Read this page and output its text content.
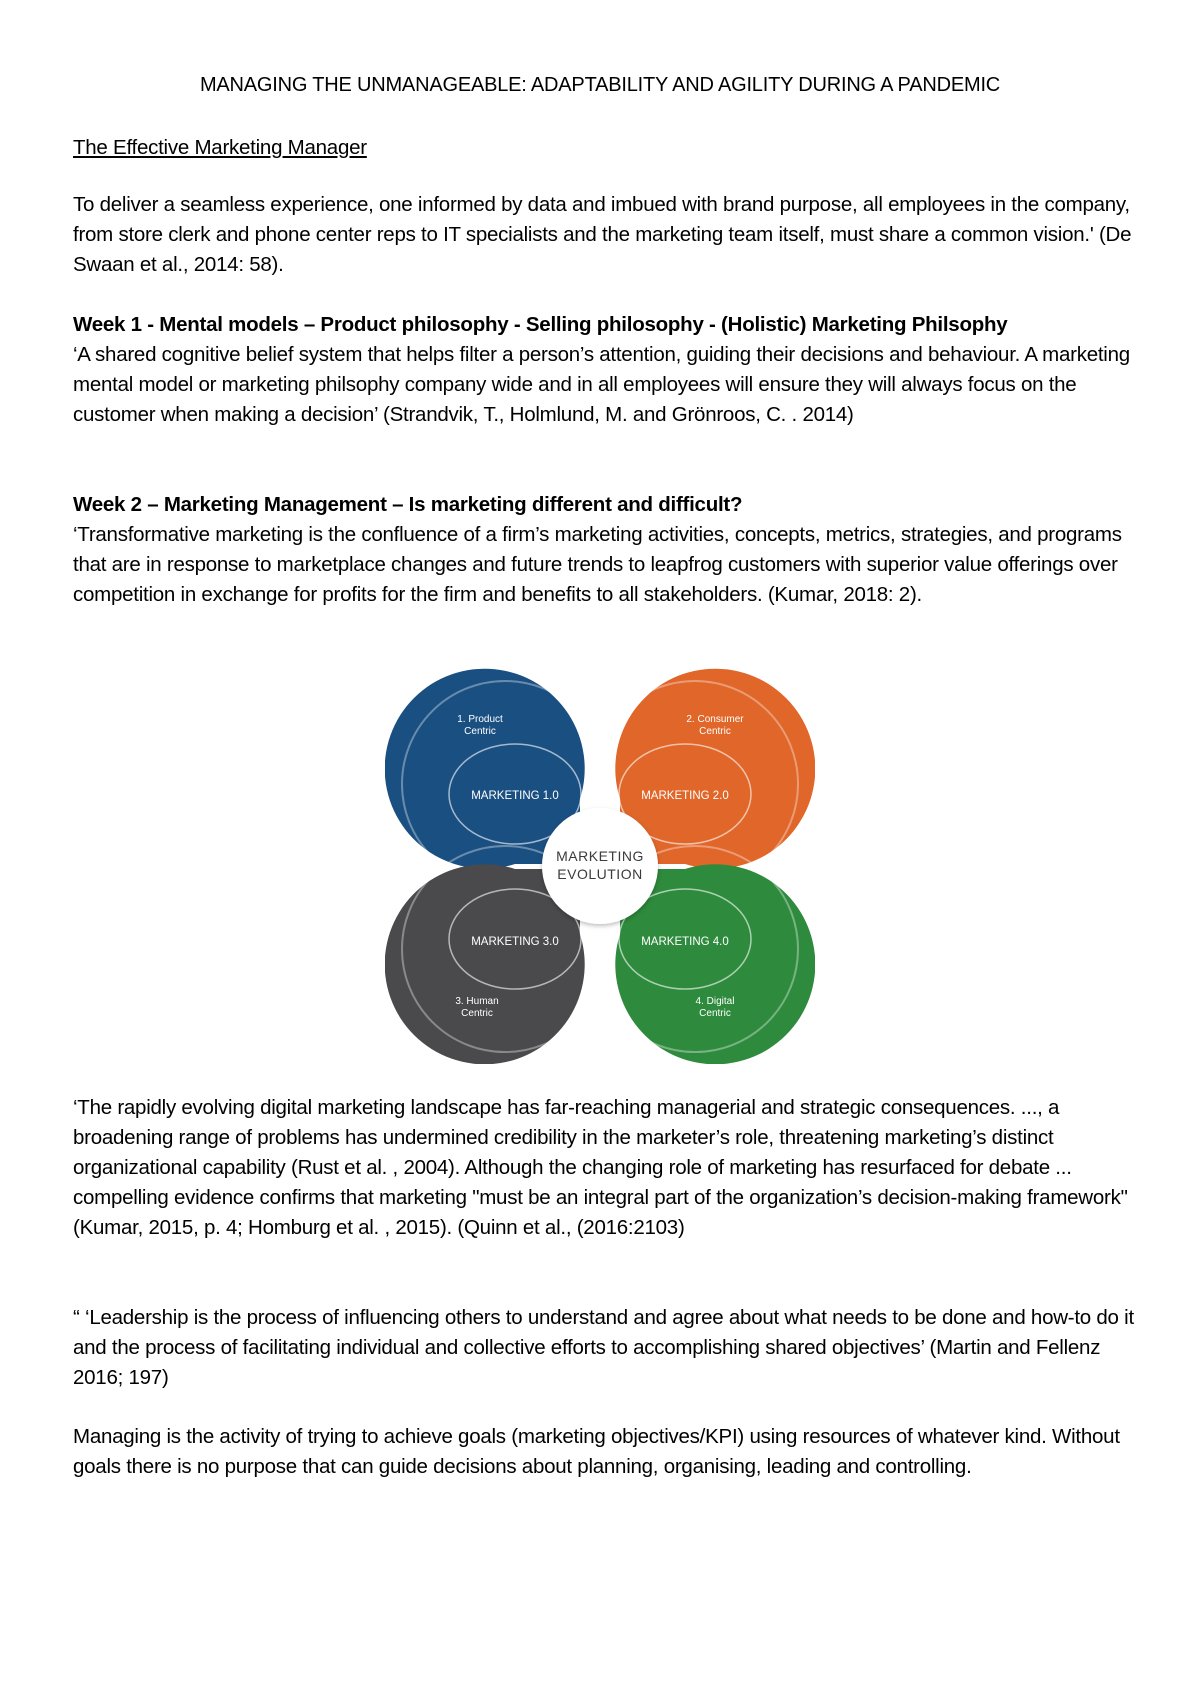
MANAGING THE UNMANAGEABLE: ADAPTABILITY AND AGILITY DURING A PANDEMIC
The Effective Marketing Manager

To deliver a seamless experience, one informed by data and imbued with brand purpose, all employees in the company, from store clerk and phone center reps to IT specialists and the marketing team itself, must share a common vision.' (De Swaan et al., 2014: 58).

Week 1 - Mental models – Product philosophy - Selling philosophy - (Holistic) Marketing Philsophy

‘A shared cognitive belief system that helps filter a person’s attention, guiding their decisions and behaviour. A marketing mental model or marketing philsophy company wide and in all employees will ensure they will always focus on the customer when making a decision’ (Strandvik, T., Holmlund, M. and Grönroos, C. . 2014)

Week 2 – Marketing Management – Is marketing different and difficult?

‘Transformative marketing is the confluence of a firm’s marketing activities, concepts, metrics, strategies, and programs that are in response to marketplace changes and future trends to leapfrog customers with superior value offerings over competition in exchange for profits for the firm and benefits to all stakeholders. (Kumar, 2018: 2).

MARKETING 1.0
1. Product
Centric
MARKETING 2.0
2. Consumer
Centric
MARKETING 3.0
3. Human
Centric
MARKETING 4.0
4. Digital
Centric
MARKETING
EVOLUTION

‘The rapidly evolving digital marketing landscape has far-reaching managerial and strategic consequences. ..., a broadening range of problems has undermined credibility in the marketer’s role, threatening marketing’s distinct organizational capability (Rust et al. , 2004). Although the changing role of marketing has resurfaced for debate ... compelling evidence confirms that marketing "must be an integral part of the organization’s decision-making framework" (Kumar, 2015, p. 4; Homburg et al. , 2015). (Quinn et al., (2016:2103)

“ ‘Leadership is the process of influencing others to understand and agree about what needs to be done and how-to do it and the process of facilitating individual and collective efforts to accomplishing shared objectives’ (Martin and Fellenz 2016; 197)

Managing is the activity of trying to achieve goals (marketing objectives/KPI) using resources of whatever kind. Without goals there is no purpose that can guide decisions about planning, organising, leading and controlling.
